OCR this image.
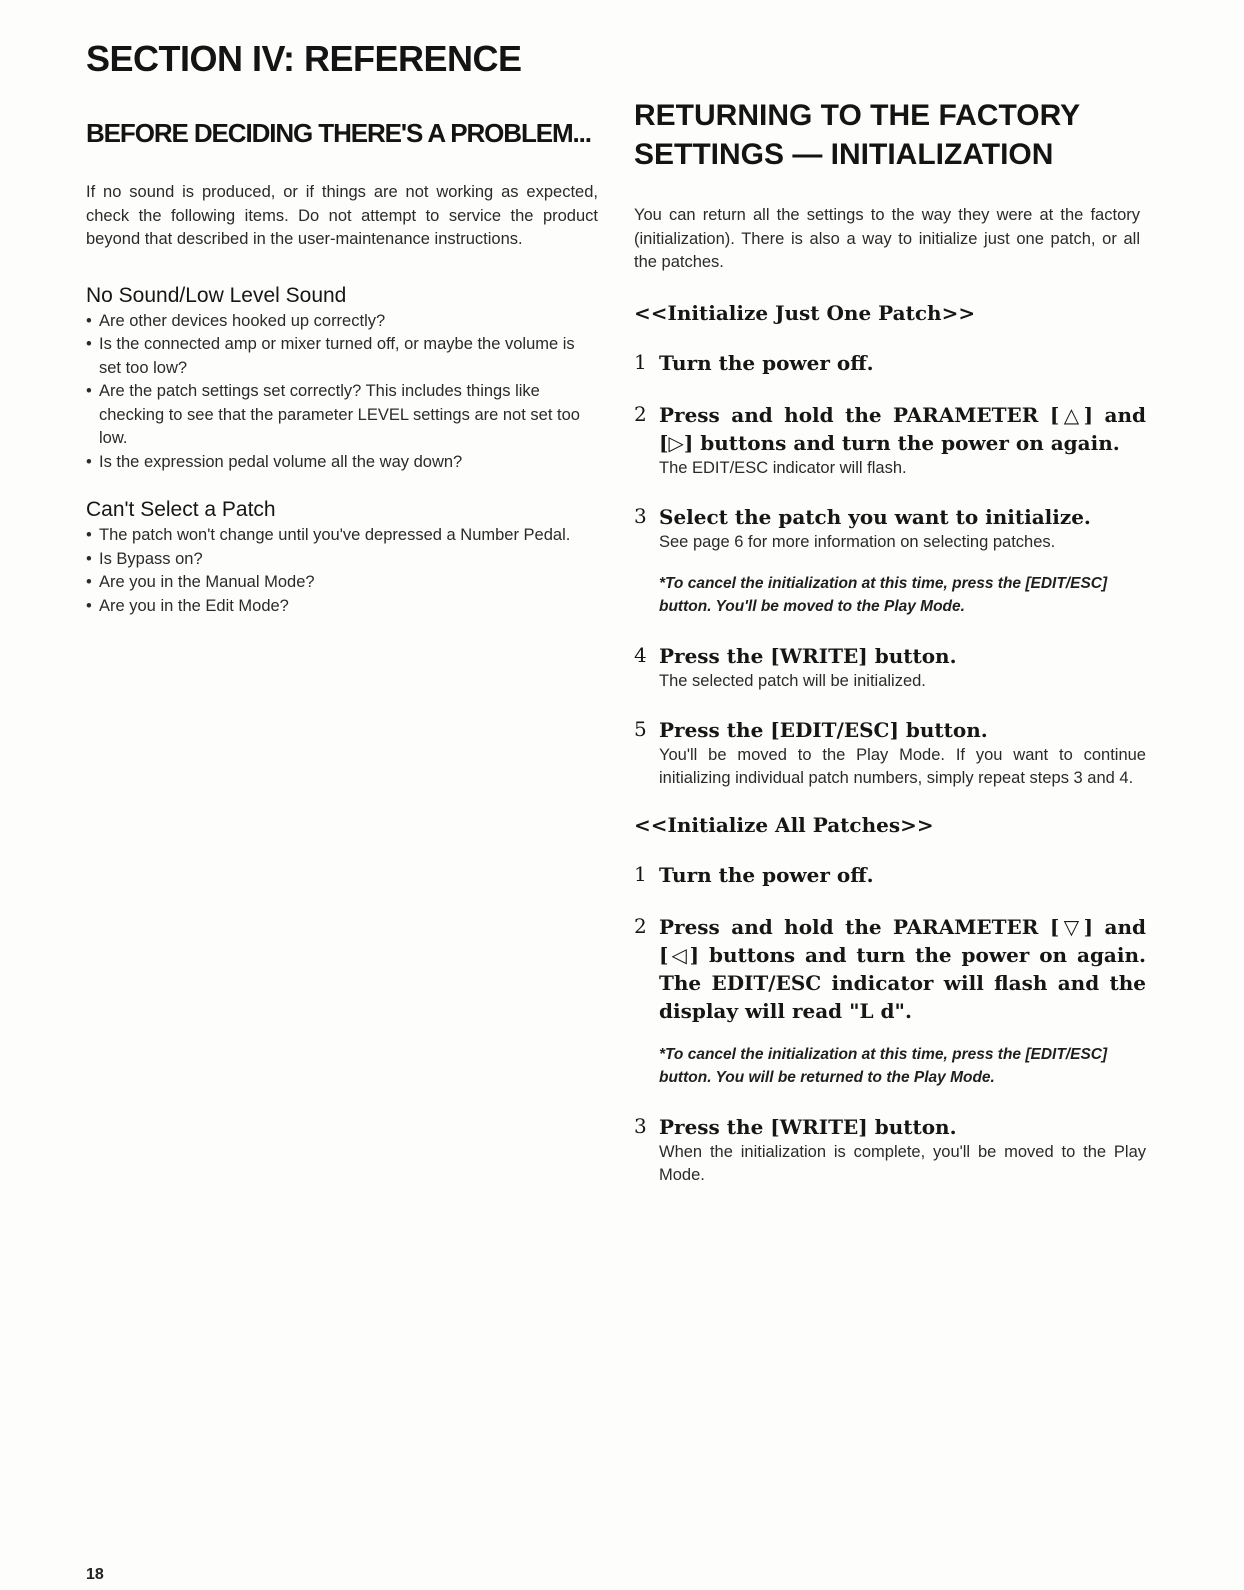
SECTION IV: REFERENCE
BEFORE DECIDING THERE'S A PROBLEM...

If no sound is produced, or if things are not working as expected, check the following items. Do not attempt to service the product beyond that described in the user-maintenance instructions.

No Sound/Low Level Sound
• Are other devices hooked up correctly?
• Is the connected amp or mixer turned off, or maybe the volume is set too low?
• Are the patch settings set correctly? This includes things like checking to see that the parameter LEVEL settings are not set too low.
• Is the expression pedal volume all the way down?
Can't Select a Patch
• The patch won't change until you've depressed a Number Pedal.
• Is Bypass on?
• Are you in the Manual Mode?
• Are you in the Edit Mode?
RETURNING TO THE FACTORY
SETTINGS — INITIALIZATION

You can return all the settings to the way they were at the factory (initialization). There is also a way to initialize just one patch, or all the patches.

<<Initialize Just One Patch>>
1 Turn the power off.
2 Press and hold the PARAMETER [△] and [▷] buttons and turn the power on again.
The EDIT/ESC indicator will flash.
3 Select the patch you want to initialize.
See page 6 for more information on selecting patches.
*To cancel the initialization at this time, press the [EDIT/ESC] button. You'll be moved to the Play Mode.
4 Press the [WRITE] button.
The selected patch will be initialized.
5 Press the [EDIT/ESC] button.
You'll be moved to the Play Mode. If you want to continue initializing individual patch numbers, simply repeat steps 3 and 4.
<<Initialize All Patches>>
1 Turn the power off.
2 Press and hold the PARAMETER [▽] and [◁] buttons and turn the power on again. The EDIT/ESC indicator will flash and the display will read "L d".
*To cancel the initialization at this time, press the [EDIT/ESC] button. You will be returned to the Play Mode.
3 Press the [WRITE] button.
When the initialization is complete, you'll be moved to the Play Mode.
18
